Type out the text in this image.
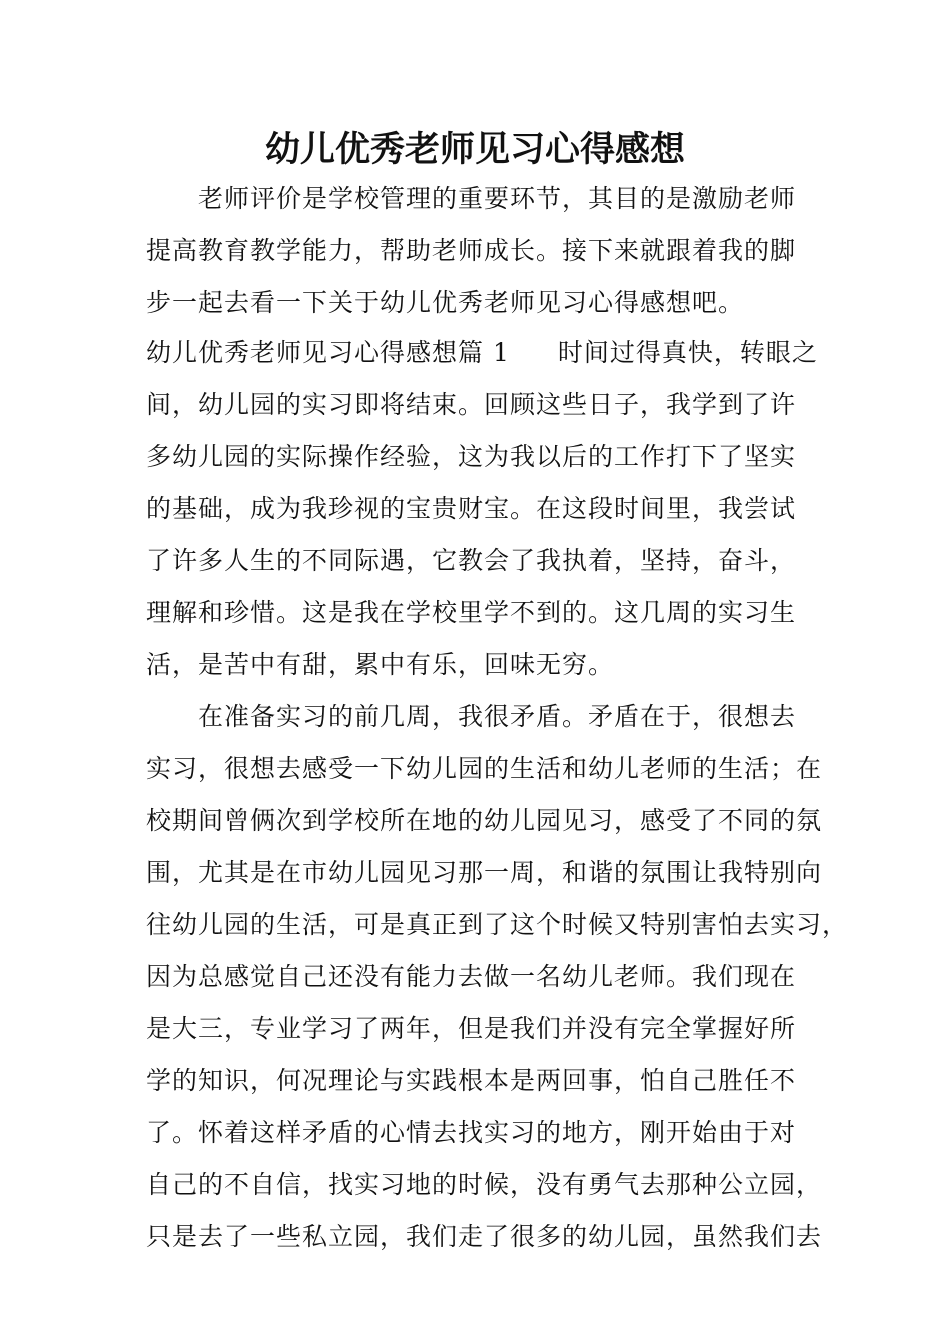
幼儿优秀老师见习心得感想
老师评价是学校管理的重要环节，其目的是激励老师
提高教育教学能力，帮助老师成长。接下来就跟着我的脚
步一起去看一下关于幼儿优秀老师见习心得感想吧。
幼儿优秀老师见习心得感想篇 1 时间过得真快，转眼之
间，幼儿园的实习即将结束。回顾这些日子，我学到了许
多幼儿园的实际操作经验，这为我以后的工作打下了坚实
的基础，成为我珍视的宝贵财宝。在这段时间里，我尝试
了许多人生的不同际遇，它教会了我执着，坚持，奋斗，
理解和珍惜。这是我在学校里学不到的。这几周的实习生
活，是苦中有甜，累中有乐，回味无穷。
在准备实习的前几周，我很矛盾。矛盾在于，很想去
实习，很想去感受一下幼儿园的生活和幼儿老师的生活；在
校期间曾俩次到学校所在地的幼儿园见习，感受了不同的氛
围，尤其是在市幼儿园见习那一周，和谐的氛围让我特别向
往幼儿园的生活，可是真正到了这个时候又特别害怕去实习，
因为总感觉自己还没有能力去做一名幼儿老师。我们现在
是大三，专业学习了两年，但是我们并没有完全掌握好所
学的知识，何况理论与实践根本是两回事，怕自己胜任不
了。怀着这样矛盾的心情去找实习的地方，刚开始由于对
自己的不自信，找实习地的时候，没有勇气去那种公立园，
只是去了一些私立园，我们走了很多的幼儿园，虽然我们去
